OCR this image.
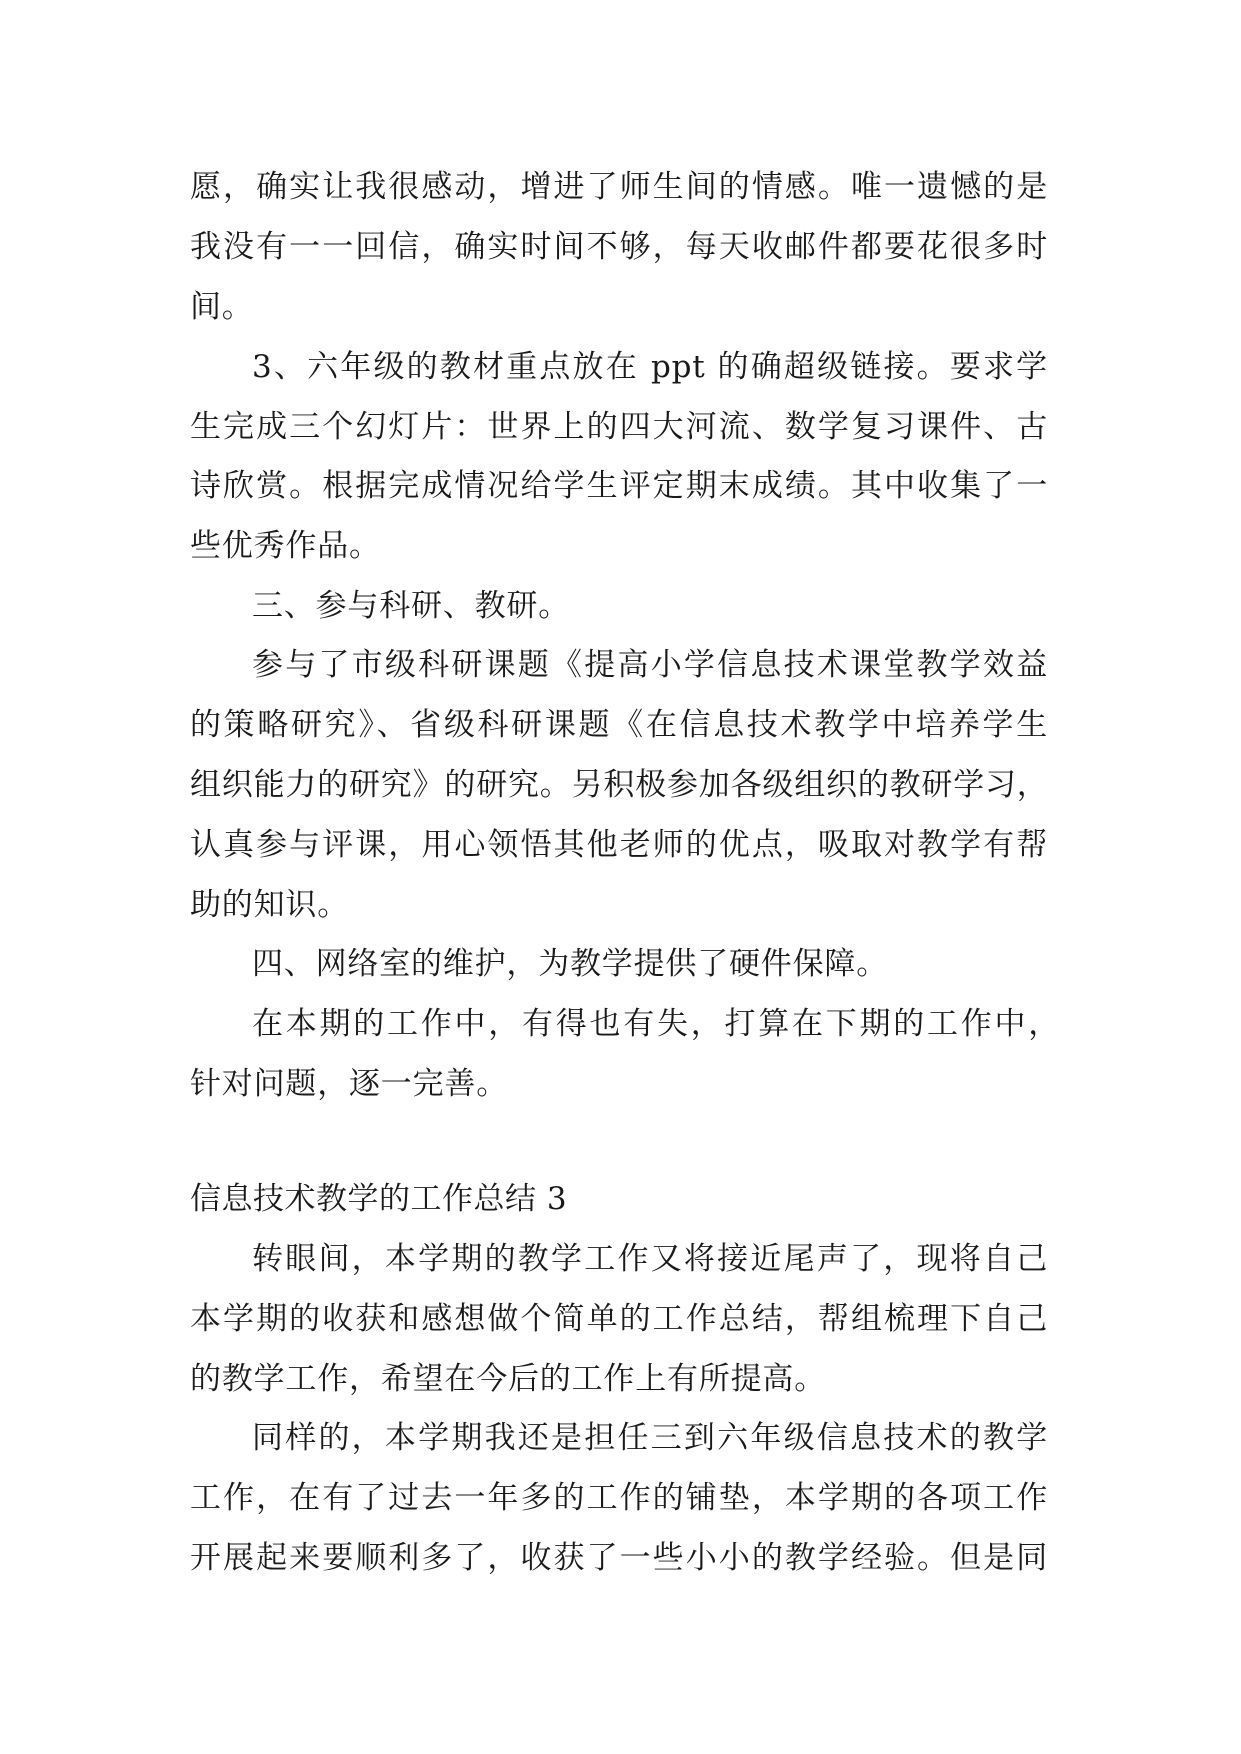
愿，确实让我很感动，增进了师生间的情感。唯一遗憾的是
我没有一一回信，确实时间不够，每天收邮件都要花很多时
间。
3、六年级的教材重点放在 ppt 的确超级链接。要求学
生完成三个幻灯片：世界上的四大河流、数学复习课件、古
诗欣赏。根据完成情况给学生评定期末成绩。其中收集了一
些优秀作品。
三、参与科研、教研。
参与了市级科研课题《提高小学信息技术课堂教学效益
的策略研究》、省级科研课题《在信息技术教学中培养学生
组织能力的研究》的研究。另积极参加各级组织的教研学习，
认真参与评课，用心领悟其他老师的优点，吸取对教学有帮
助的知识。
四、网络室的维护，为教学提供了硬件保障。
在本期的工作中，有得也有失，打算在下期的工作中，
针对问题，逐一完善。
信息技术教学的工作总结 3
转眼间，本学期的教学工作又将接近尾声了，现将自己
本学期的收获和感想做个简单的工作总结，帮组梳理下自己
的教学工作，希望在今后的工作上有所提高。
同样的，本学期我还是担任三到六年级信息技术的教学
工作，在有了过去一年多的工作的铺垫，本学期的各项工作
开展起来要顺利多了，收获了一些小小的教学经验。但是同
